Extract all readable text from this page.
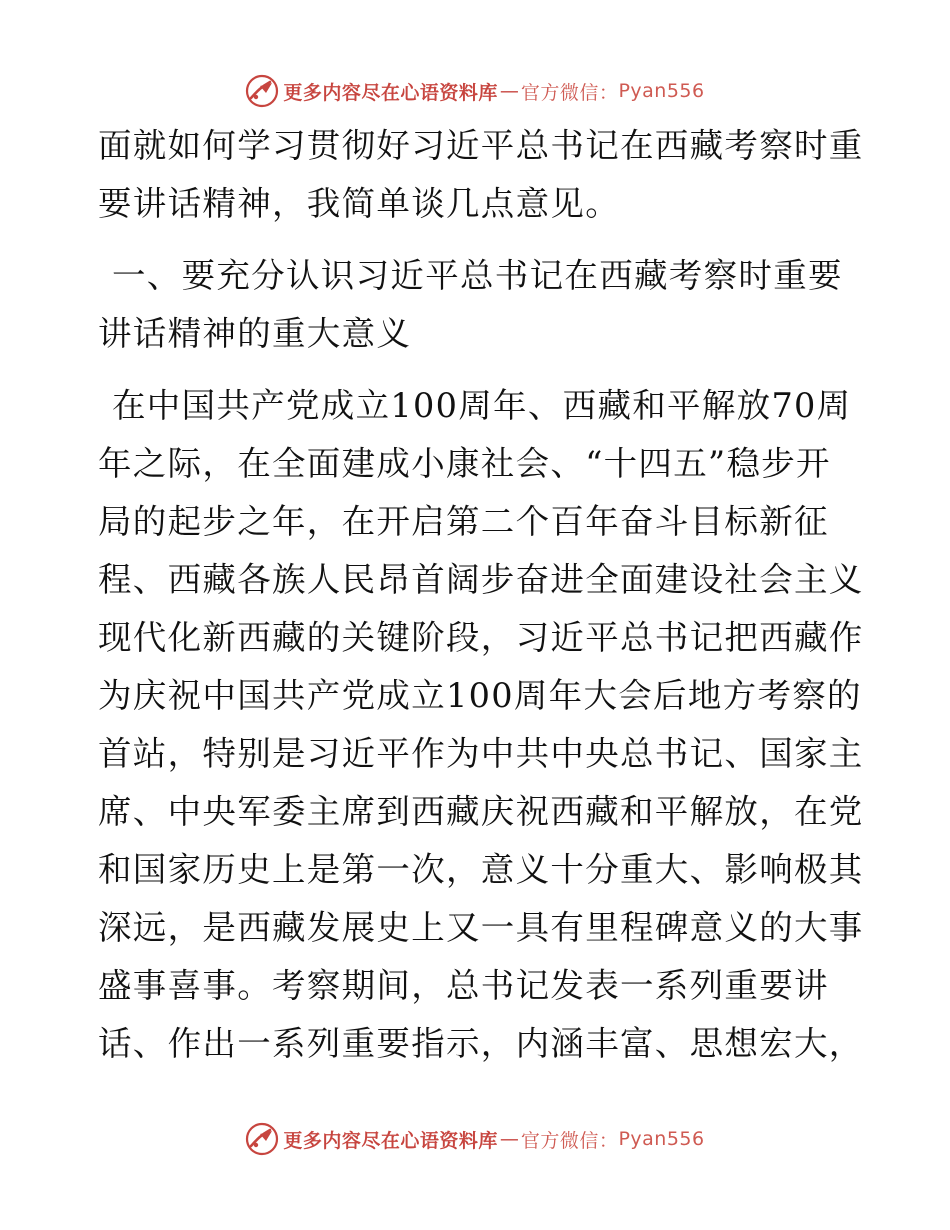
更多内容尽在心语资料库 — 官方微信： Pyan556
面就如何学习贯彻好习近平总书记在西藏考察时重
要讲话精神，我简单谈几点意见。
一、要充分认识习近平总书记在西藏考察时重要
讲话精神的重大意义
在中国共产党成立100周年、西藏和平解放70周
年之际，在全面建成小康社会、“十四五”稳步开
局的起步之年，在开启第二个百年奋斗目标新征
程、西藏各族人民昂首阔步奋进全面建设社会主义
现代化新西藏的关键阶段，习近平总书记把西藏作
为庆祝中国共产党成立100周年大会后地方考察的
首站，特别是习近平作为中共中央总书记、国家主
席、中央军委主席到西藏庆祝西藏和平解放，在党
和国家历史上是第一次，意义十分重大、影响极其
深远，是西藏发展史上又一具有里程碑意义的大事
盛事喜事。考察期间，总书记发表一系列重要讲
话、作出一系列重要指示，内涵丰富、思想宏大，
更多内容尽在心语资料库 — 官方微信： Pyan556
